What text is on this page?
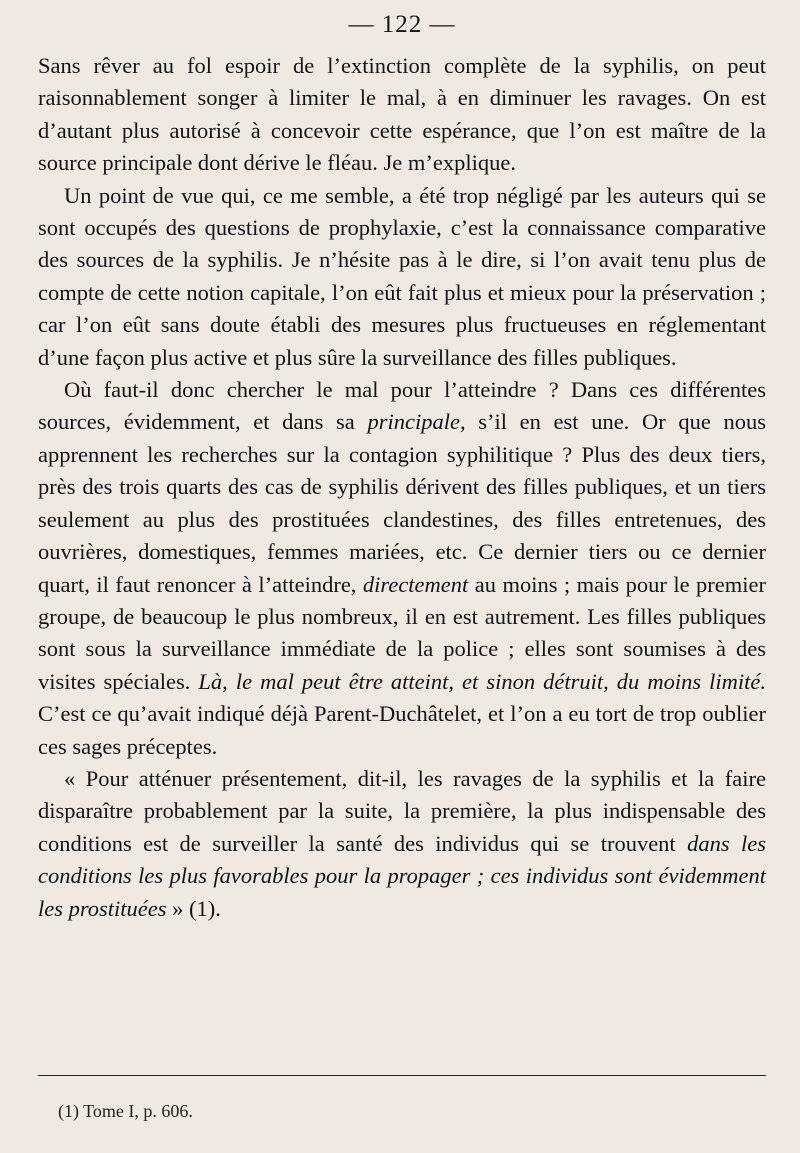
— 122 —

Sans rêver au fol espoir de l’extinction complète de la syphilis, on peut raisonnablement songer à limiter le mal, à en diminuer les ravages. On est d’autant plus autorisé à concevoir cette espérance, que l’on est maître de la source principale dont dérive le fléau. Je m’explique.

Un point de vue qui, ce me semble, a été trop négligé par les auteurs qui se sont occupés des questions de prophylaxie, c’est la connaissance comparative des sources de la syphilis. Je n’hésite pas à le dire, si l’on avait tenu plus de compte de cette notion capitale, l’on eût fait plus et mieux pour la préservation ; car l’on eût sans doute établi des mesures plus fructueuses en réglementant d’une façon plus active et plus sûre la surveillance des filles publiques.

Où faut-il donc chercher le mal pour l’atteindre ? Dans ces différentes sources, évidemment, et dans sa principale, s’il en est une. Or que nous apprennent les recherches sur la contagion syphilitique ? Plus des deux tiers, près des trois quarts des cas de syphilis dérivent des filles publiques, et un tiers seulement au plus des prostituées clandestines, des filles entretenues, des ouvrières, domestiques, femmes mariées, etc. Ce dernier tiers ou ce dernier quart, il faut renoncer à l’atteindre, directement au moins ; mais pour le premier groupe, de beaucoup le plus nombreux, il en est autrement. Les filles publiques sont sous la surveillance immédiate de la police ; elles sont soumises à des visites spéciales. Là, le mal peut être atteint, et sinon détruit, du moins limité. C’est ce qu’avait indiqué déjà Parent-Duchâtelet, et l’on a eu tort de trop oublier ces sages préceptes.

« Pour atténuer présentement, dit-il, les ravages de la syphilis et la faire disparaître probablement par la suite, la première, la plus indispensable des conditions est de surveiller la santé des individus qui se trouvent dans les conditions les plus favorables pour la propager ; ces individus sont évidemment les prostituées » (1).

(1) Tome I, p. 606.
